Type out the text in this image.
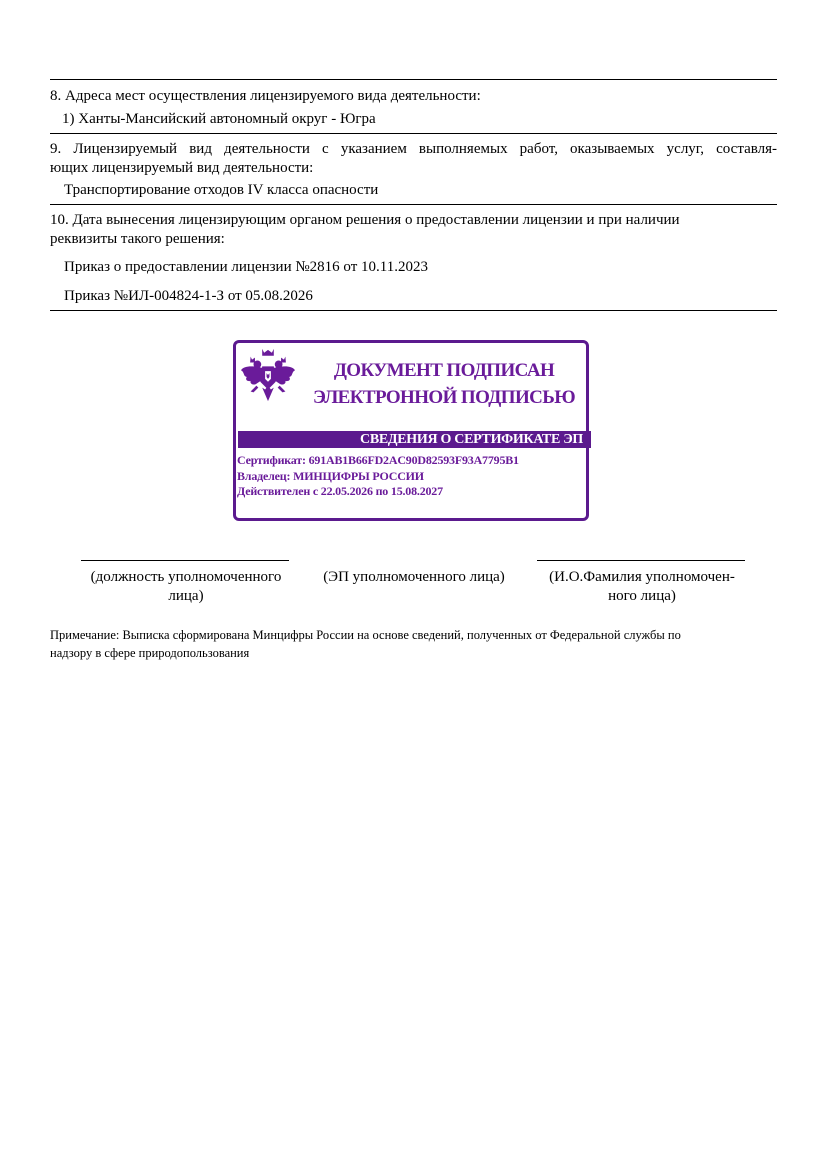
8. Адреса мест осуществления лицензируемого вида деятельности:
1) Ханты-Мансийский автономный округ - Югра
9. Лицензируемый вид деятельности с указанием выполняемых работ, оказываемых услуг, составля-
ющих лицензируемый вид деятельности:
Транспортирование отходов IV класса опасности
10. Дата вынесения лицензирующим органом решения о предоставлении лицензии и при наличии
реквизиты такого решения:
Приказ о предоставлении лицензии №2816 от 10.11.2023
Приказ №ИЛ-004824-1-З от 05.08.2026
ДОКУМЕНТ ПОДПИСАН
ЭЛЕКТРОННОЙ ПОДПИСЬЮ
СВЕДЕНИЯ О СЕРТИФИКАТЕ ЭП
Сертификат: 691AB1B66FD2AC90D82593F93A7795B1
Владелец: МИНЦИФРЫ РОССИИ
Действителен с 22.05.2026 по 15.08.2027
(должность уполномоченного
лица)
(ЭП уполномоченного лица)	(И.О.Фамилия уполномочен-
ного лица)
Примечание: Выписка сформирована Минцифры России на основе сведений, полученных от Федеральной службы по
надзору в сфере природопользования
